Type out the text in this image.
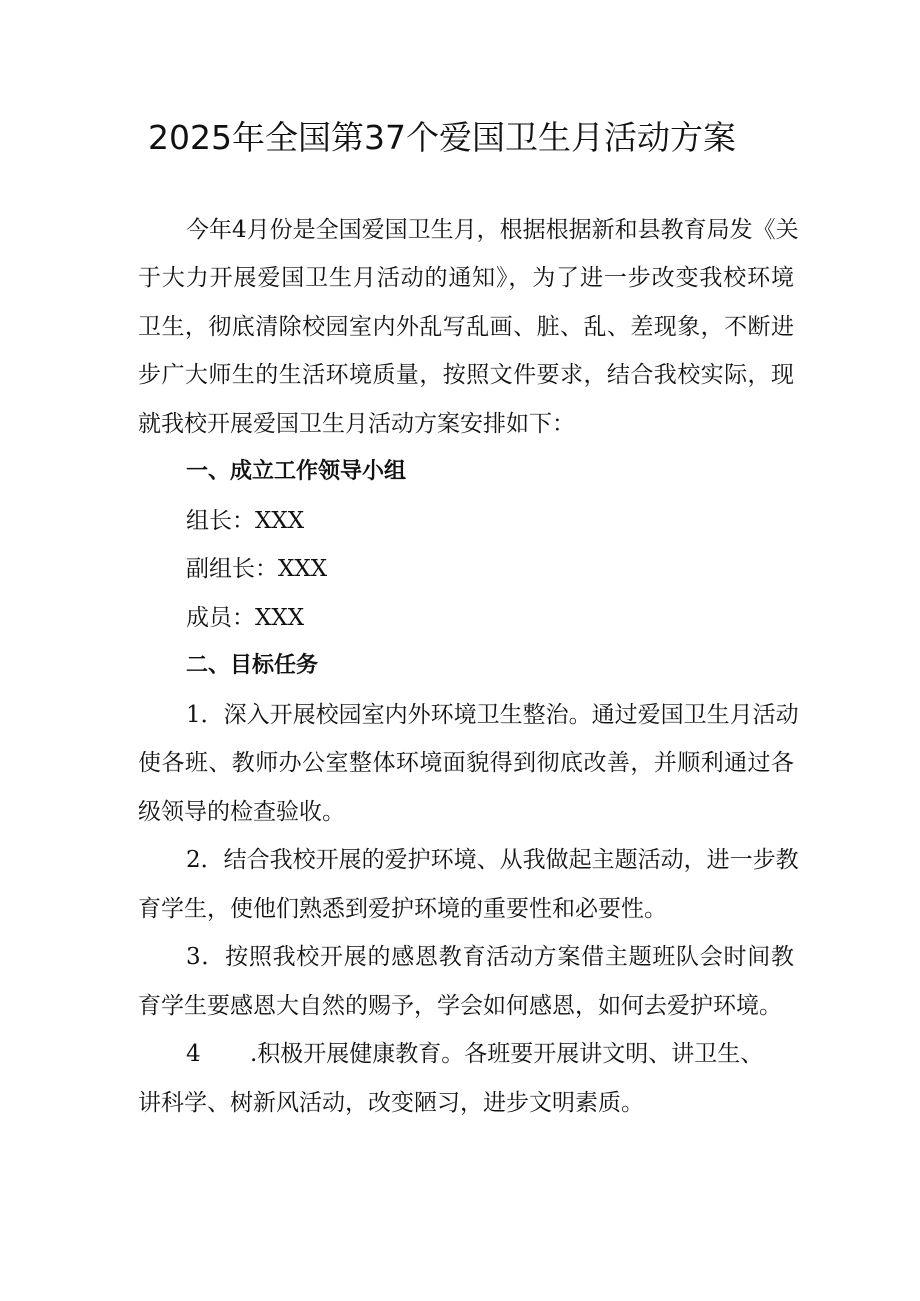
2025年全国第37个爱国卫生月活动方案

今年4月份是全国爱国卫生月，根据根据新和县教育局发《关

于大力开展爱国卫生月活动的通知》，为了进一步改变我校环境

卫生，彻底清除校园室内外乱写乱画、脏、乱、差现象，不断进

步广大师生的生活环境质量，按照文件要求，结合我校实际，现

就我校开展爱国卫生月活动方案安排如下：

一、成立工作领导小组

组长：XXX

副组长：XXX

成员：XXX

二、目标任务

1．深入开展校园室内外环境卫生整治。通过爱国卫生月活动

使各班、教师办公室整体环境面貌得到彻底改善，并顺利通过各

级领导的检查验收。

2．结合我校开展的爱护环境、从我做起主题活动，进一步教

育学生，使他们熟悉到爱护环境的重要性和必要性。

3．按照我校开展的感恩教育活动方案借主题班队会时间教

育学生要感恩大自然的赐予，学会如何感恩，如何去爱护环境。

4 .积极开展健康教育。各班要开展讲文明、讲卫生、

讲科学、树新风活动，改变陋习，进步文明素质。
